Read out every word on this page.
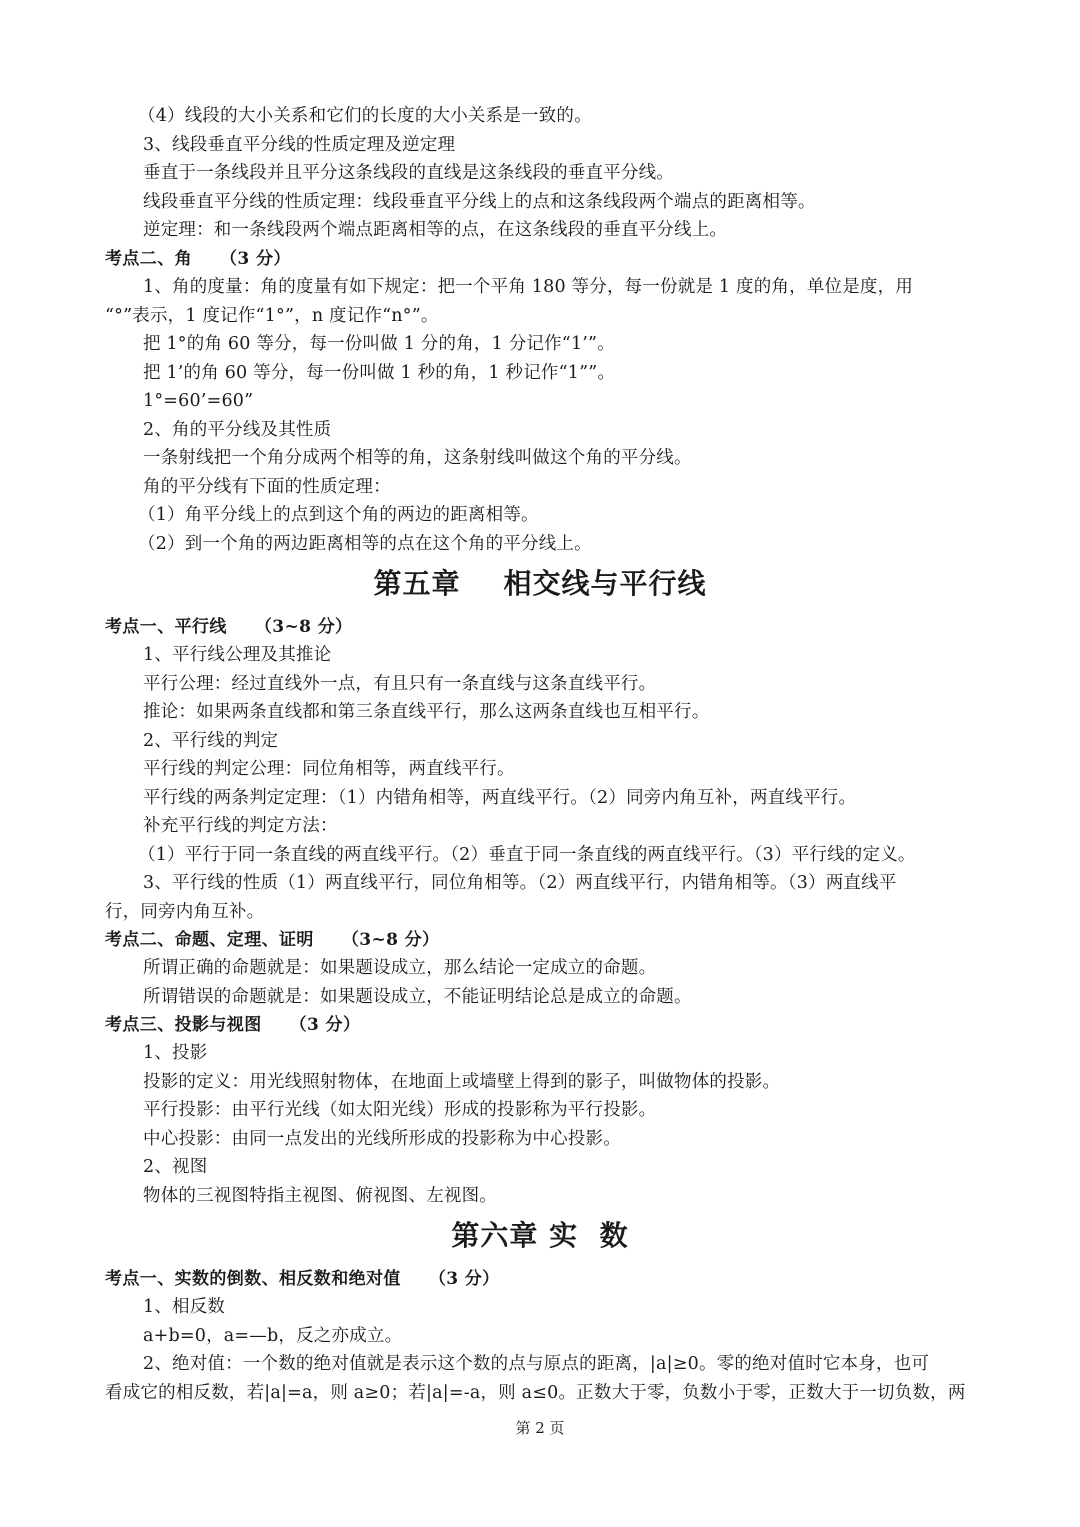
（4）线段的大小关系和它们的长度的大小关系是一致的。
3、线段垂直平分线的性质定理及逆定理
垂直于一条线段并且平分这条线段的直线是这条线段的垂直平分线。
线段垂直平分线的性质定理：线段垂直平分线上的点和这条线段两个端点的距离相等。
逆定理：和一条线段两个端点距离相等的点，在这条线段的垂直平分线上。
考点二、角 （3 分）
1、角的度量：角的度量有如下规定：把一个平角 180 等分，每一份就是 1 度的角，单位是度，用
“°”表示，1 度记作“1°”，n 度记作“n°”。
把 1°的角 60 等分，每一份叫做 1 分的角，1 分记作“1’”。
把 1’的角 60 等分，每一份叫做 1 秒的角，1 秒记作“1””。
1°=60’=60”
2、角的平分线及其性质
一条射线把一个角分成两个相等的角，这条射线叫做这个角的平分线。
角的平分线有下面的性质定理：
（1）角平分线上的点到这个角的两边的距离相等。
（2）到一个角的两边距离相等的点在这个角的平分线上。
第五章    相交线与平行线
考点一、平行线 （3~8 分）
1、平行线公理及其推论
平行公理：经过直线外一点，有且只有一条直线与这条直线平行。
推论：如果两条直线都和第三条直线平行，那么这两条直线也互相平行。
2、平行线的判定
平行线的判定公理：同位角相等，两直线平行。
平行线的两条判定定理：（1）内错角相等，两直线平行。（2）同旁内角互补，两直线平行。
补充平行线的判定方法：
（1）平行于同一条直线的两直线平行。（2）垂直于同一条直线的两直线平行。（3）平行线的定义。
3、平行线的性质（1）两直线平行，同位角相等。（2）两直线平行，内错角相等。（3）两直线平
行，同旁内角互补。
考点二、命题、定理、证明 （3~8 分）
所谓正确的命题就是：如果题设成立，那么结论一定成立的命题。
所谓错误的命题就是：如果题设成立，不能证明结论总是成立的命题。
考点三、投影与视图 （3 分）
1、投影
投影的定义：用光线照射物体，在地面上或墙壁上得到的影子，叫做物体的投影。
平行投影：由平行光线（如太阳光线）形成的投影称为平行投影。
中心投影：由同一点发出的光线所形成的投影称为中心投影。
2、视图
物体的三视图特指主视图、俯视图、左视图。
第六章 实  数
考点一、实数的倒数、相反数和绝对值 （3 分）
1、相反数
a+b=0，a=—b，反之亦成立。
2、绝对值：一个数的绝对值就是表示这个数的点与原点的距离，|a|≥0。零的绝对值时它本身，也可
看成它的相反数，若|a|=a，则 a≥0；若|a|=-a，则 a≤0。正数大于零，负数小于零，正数大于一切负数，两
第 2 页
